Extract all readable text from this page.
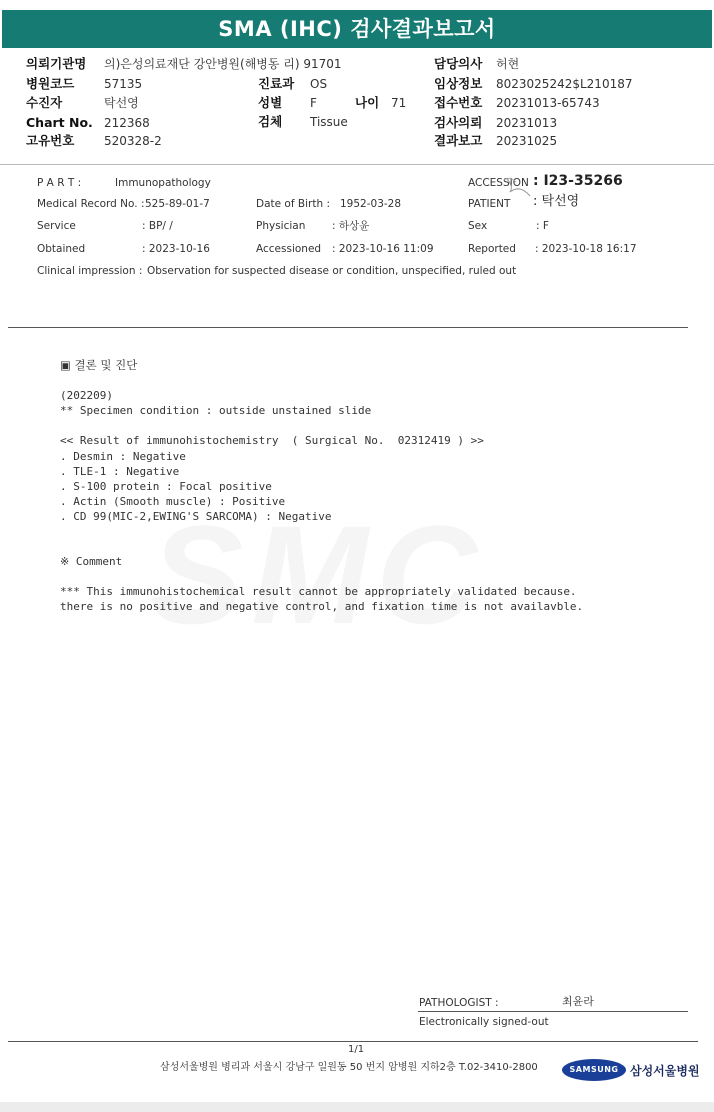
SMA (IHC) 검사결과보고서
의뢰기관명 의)은성의료재단 강안병원(해병동 리) 91701
병원코드 57135
수진자	탁선영
Chart No. 212368
고유번호 520328-2
진료과 OS
성별 F	나이 71
검체 Tissue
담당의사 허현
임상정보 8023025242$L210187
접수번호 20231013-65743
검사의뢰 20231013
결과보고 20231025
P A R T :	Immunopathology	ACCESSION : I23-35266
Medical Record No. : 525-89-01-7	Date of Birth : 1952-03-28	PATIENT : 탁선영
Service	: BP/ /	Physician	: 하상윤	Sex	: F
Obtained	: 2023-10-16	Accessioned : 2023-10-16 11:09	Reported : 2023-10-18 16:17
Clinical impression : Observation for suspected disease or condition, unspecified, ruled out
▣ 결론 및 진단
(202209)
** Specimen condition : outside unstained slide
<< Result of immunohistochemistry  ( Surgical No.  02312419 ) >>
. Desmin : Negative
. TLE-1 : Negative
. S-100 protein : Focal positive
. Actin (Smooth muscle) : Positive
. CD 99(MIC-2,EWING'S SARCOMA) : Negative
※ Comment
*** This immunohistochemical result cannot be appropriately validated because.
there is no positive and negative control, and fixation time is not availavble.
PATHOLOGIST :	최윤라
Electronically signed-out
1/1
삼성서울병원 병리과 서울시 강남구 일원동 50 번지 암병원 지하2층 T.02-3410-2800	SAMSUNG 삼성서울병원
